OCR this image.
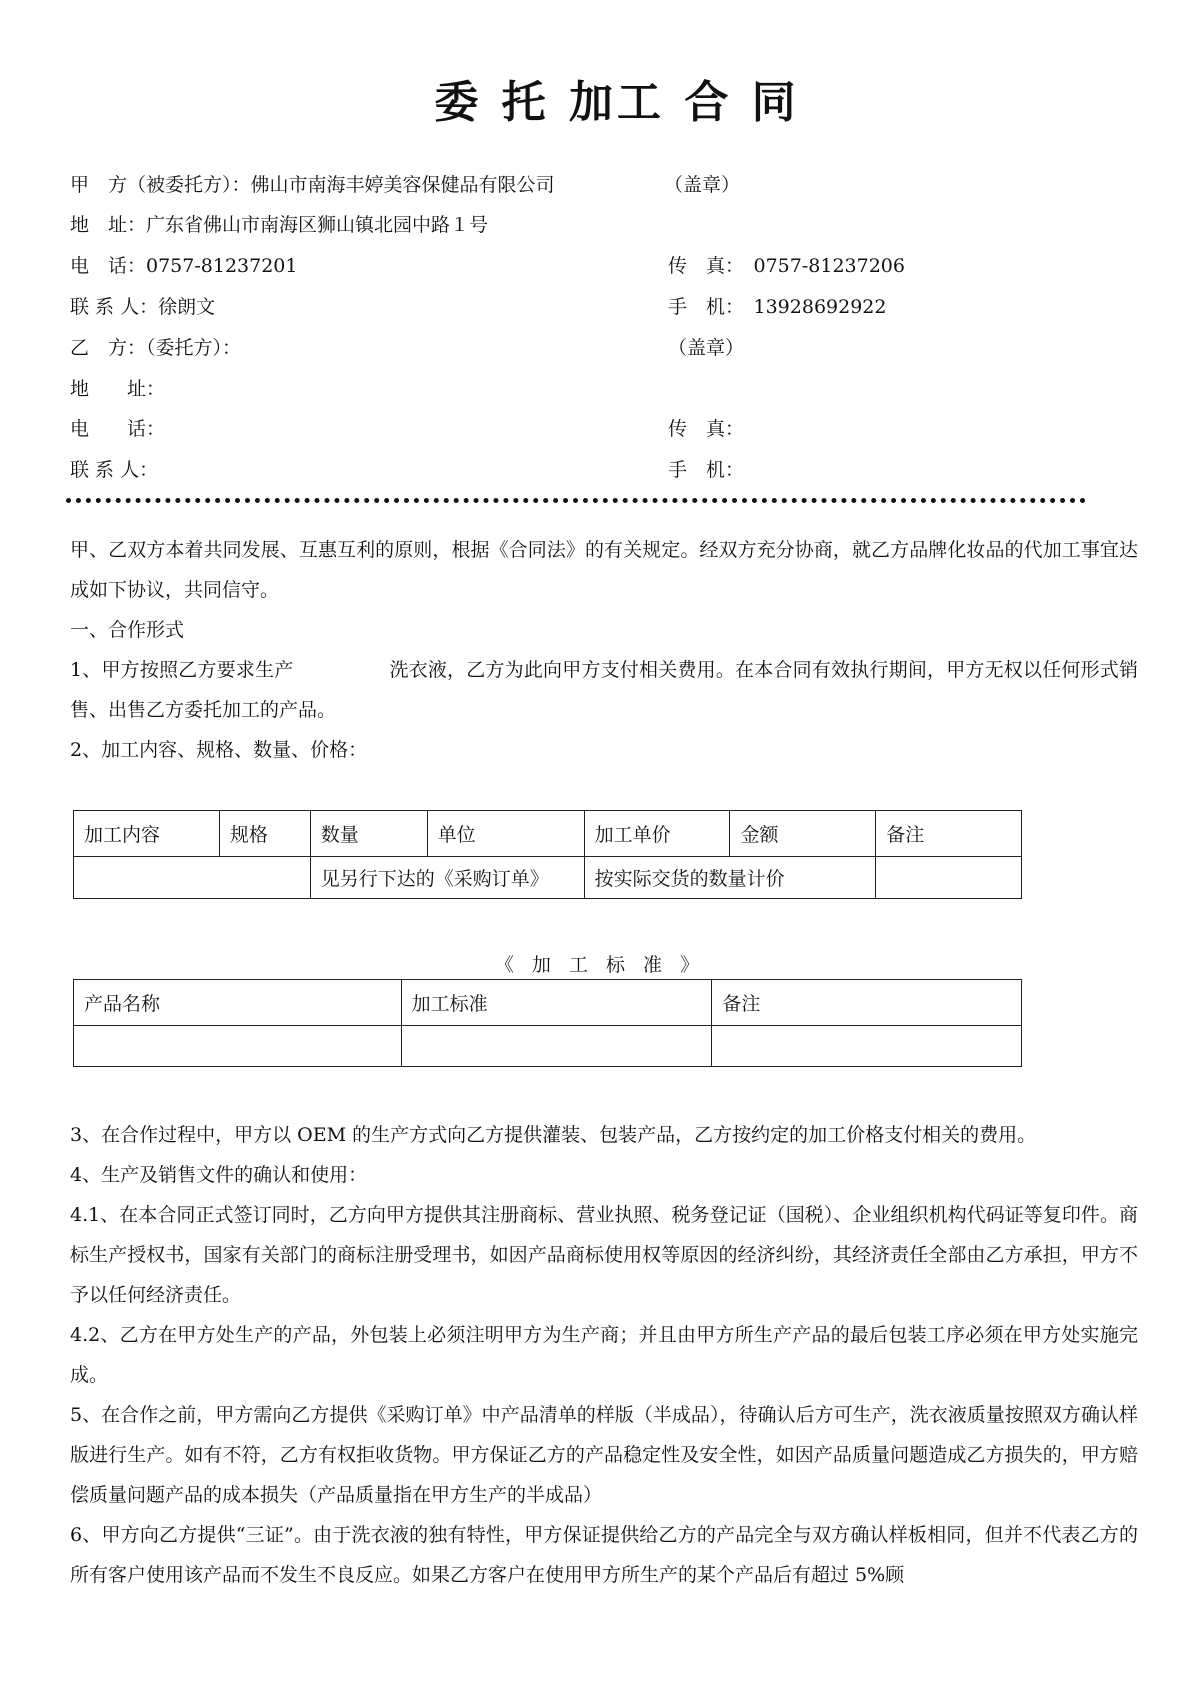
委 托 加工 合 同
甲　方（被委托方）：佛山市南海丰婷美容保健品有限公司	（盖章）
地　址：广东省佛山市南海区狮山镇北园中路１号
电　话：0757-81237201	传　真：　0757-81237206
联 系 人：徐朗文	手　机：　13928692922
乙　方：（委托方）：	（盖章）
地　　址：
电　　话：	传　真：
联 系 人：	手　机：
甲、乙双方本着共同发展、互惠互利的原则，根据《合同法》的有关规定。经双方充分协商，就乙方品牌化妆品的代加工事宜达成如下协议，共同信守。
一、合作形式
1、甲方按照乙方要求生产　　　　　洗衣液，乙方为此向甲方支付相关费用。在本合同有效执行期间，甲方无权以任何形式销售、出售乙方委托加工的产品。
2、加工内容、规格、数量、价格：
加工内容	规格	数量	单位	加工单价	金额	备注
		见另行下达的《采购订单》		按实际交货的数量计价		
《 加 工 标 准 》
产品名称	加工标准	备注

3、在合作过程中，甲方以 OEM 的生产方式向乙方提供灌装、包装产品，乙方按约定的加工价格支付相关的费用。
4、生产及销售文件的确认和使用：
4.1、在本合同正式签订同时，乙方向甲方提供其注册商标、营业执照、税务登记证（国税）、企业组织机构代码证等复印件。商标生产授权书，国家有关部门的商标注册受理书，如因产品商标使用权等原因的经济纠纷，其经济责任全部由乙方承担，甲方不予以任何经济责任。
4.2、乙方在甲方处生产的产品，外包装上必须注明甲方为生产商；并且由甲方所生产产品的最后包装工序必须在甲方处实施完成。
5、在合作之前，甲方需向乙方提供《采购订单》中产品清单的样版（半成品），待确认后方可生产，洗衣液质量按照双方确认样版进行生产。如有不符，乙方有权拒收货物。甲方保证乙方的产品稳定性及安全性，如因产品质量问题造成乙方损失的，甲方赔偿质量问题产品的成本损失（产品质量指在甲方生产的半成品）
6、甲方向乙方提供“三证”。由于洗衣液的独有特性，甲方保证提供给乙方的产品完全与双方确认样板相同，但并不代表乙方的所有客户使用该产品而不发生不良反应。如果乙方客户在使用甲方所生产的某个产品后有超过 5%顾
